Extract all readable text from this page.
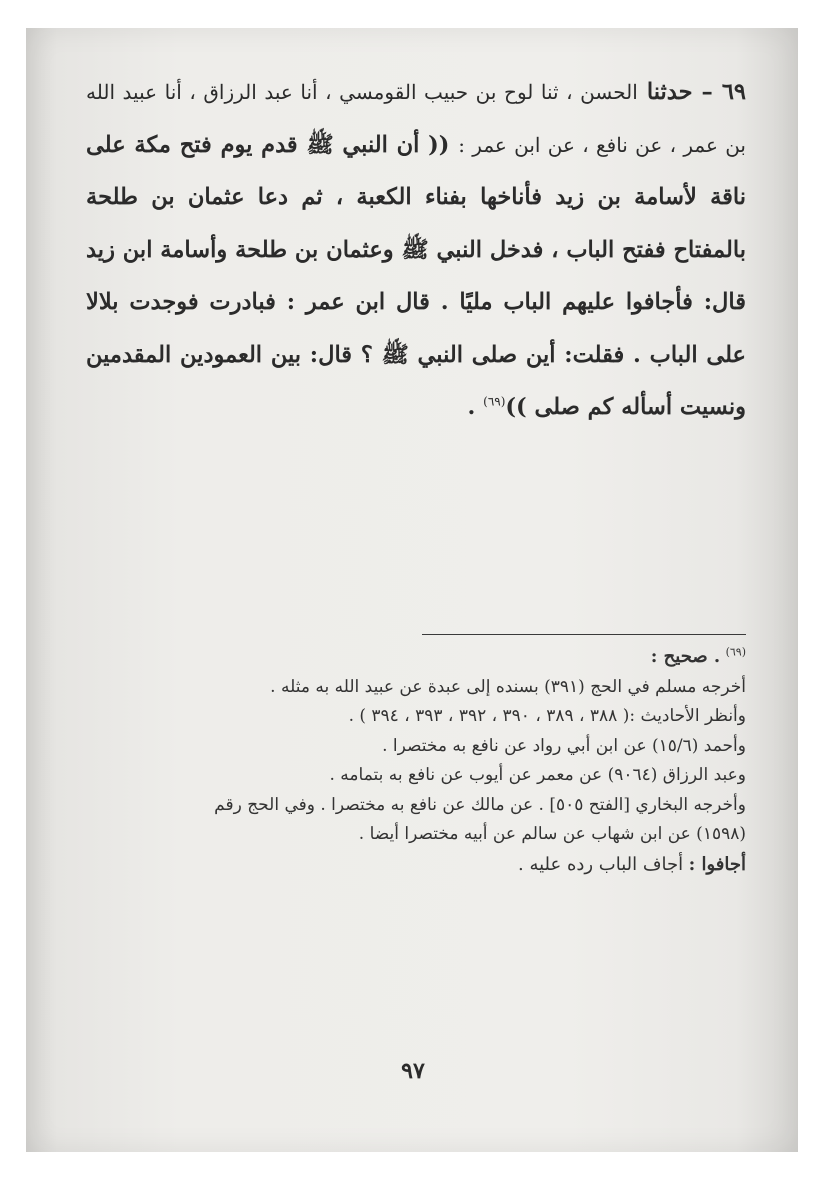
٦٩ – حدثنا الحسن ، ثنا لوح بن حبيب القومسي ، أنا عبد الرزاق ، أنا عبيد الله بن عمر ، عن نافع ، عن ابن عمر : (( أن النبي ﷺ قدم يوم فتح مكة على ناقة لأسامة بن زيد فأناخها بفناء الكعبة ، ثم دعا عثمان بن طلحة بالمفتاح ففتح الباب ، فدخل النبي ﷺ وعثمان بن طلحة وأسامة ابن زيد قال: فأجافوا عليهم الباب مليًا . قال ابن عمر : فبادرت فوجدت بلالا على الباب . فقلت: أين صلى النبي ﷺ ؟ قال: بين العمودين المقدمين ونسيت أسأله كم صلى ))$^{(٦٩)}$ .
$^{(٦٩)}$ . صحيح :
أخرجه مسلم في الحج (٣٩١) بسنده إلى عبدة عن عبيد الله به مثله .
وأنظر الأحاديث :( ٣٨٨ ، ٣٨٩ ، ٣٩٠ ، ٣٩٢ ، ٣٩٣ ، ٣٩٤ ) .
وأحمد (١٥/٦) عن ابن أبي رواد عن نافع به مختصرا .
وعبد الرزاق (٩٠٦٤) عن معمر عن أيوب عن نافع به بتمامه .
وأخرجه البخاري [الفتح ٥٠٥] . عن مالك عن نافع به مختصرا . وفي الحج رقم
(١٥٩٨) عن ابن شهاب عن سالم عن أبيه مختصرا أيضا .
أجافوا : أجاف الباب رده عليه .
٩٧
